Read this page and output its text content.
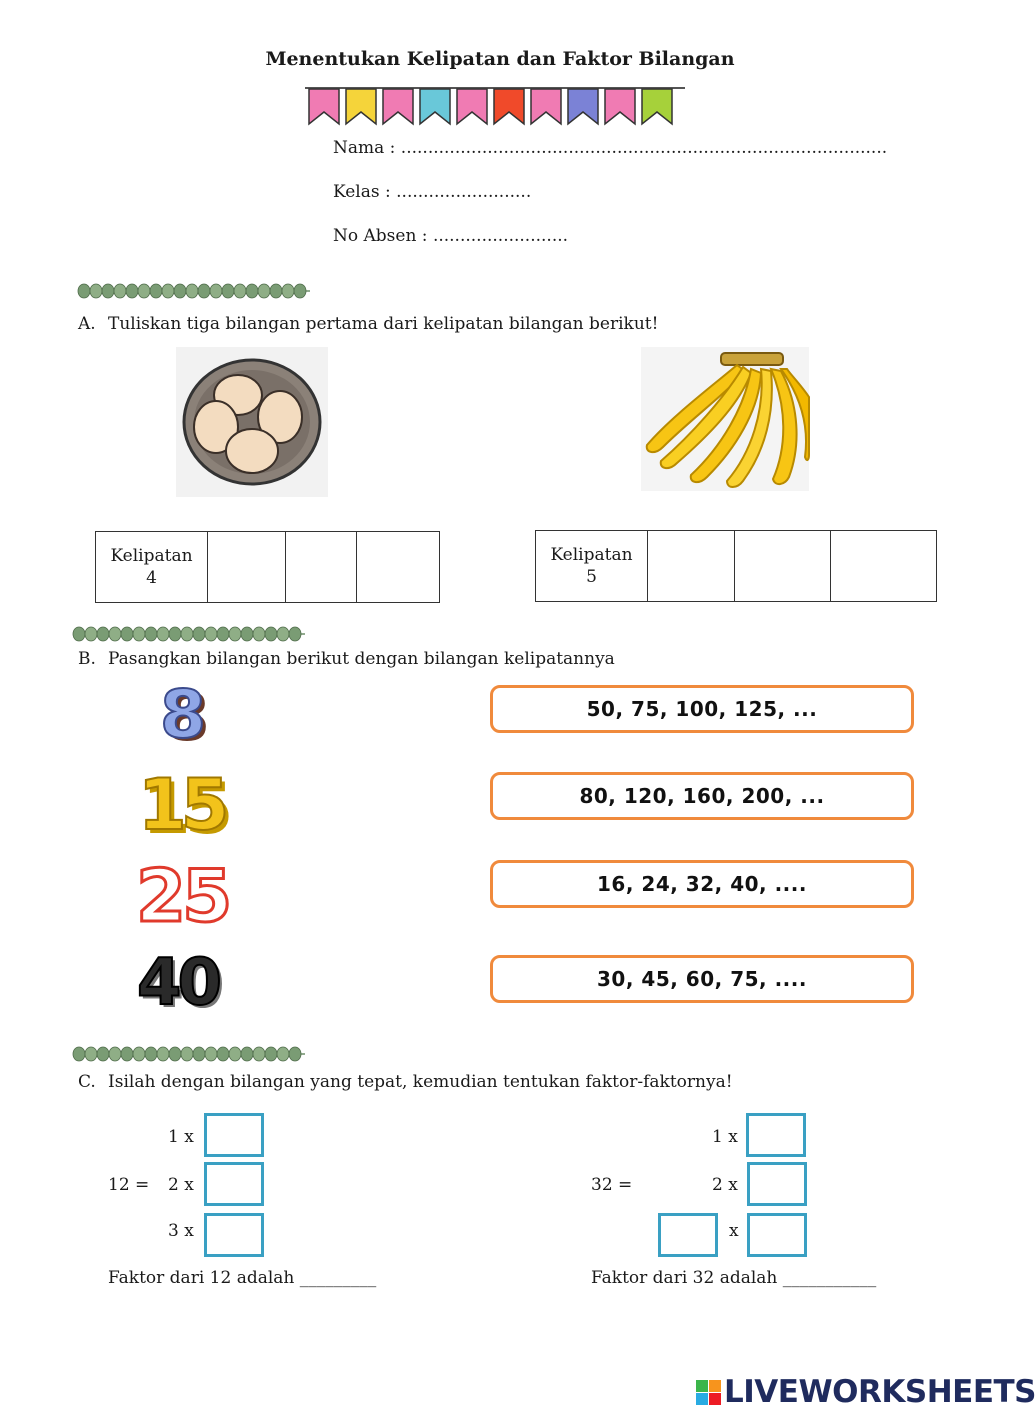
Menentukan Kelipatan dan Faktor Bilangan
Nama : ..........................................................................................
Kelas : .........................
No Absen : .........................
A. Tuliskan tiga bilangan pertama dari kelipatan bilangan berikut!
Kelipatan
4			
Kelipatan
5			
B. Pasangkan bilangan berikut dengan bilangan kelipatannya
8
15
25
40
50, 75, 100, 125, ...
80, 120, 160, 200, ...
16, 24, 32, 40, ....
30, 45, 60, 75, ....
C. Isilah dengan bilangan yang tepat, kemudian tentukan faktor-faktornya!
1 x
12 = 2 x
3 x
Faktor dari 12 adalah _________
1 x
32 =	2 x
x
Faktor dari 32 adalah ___________
LIVEWORKSHEETS
